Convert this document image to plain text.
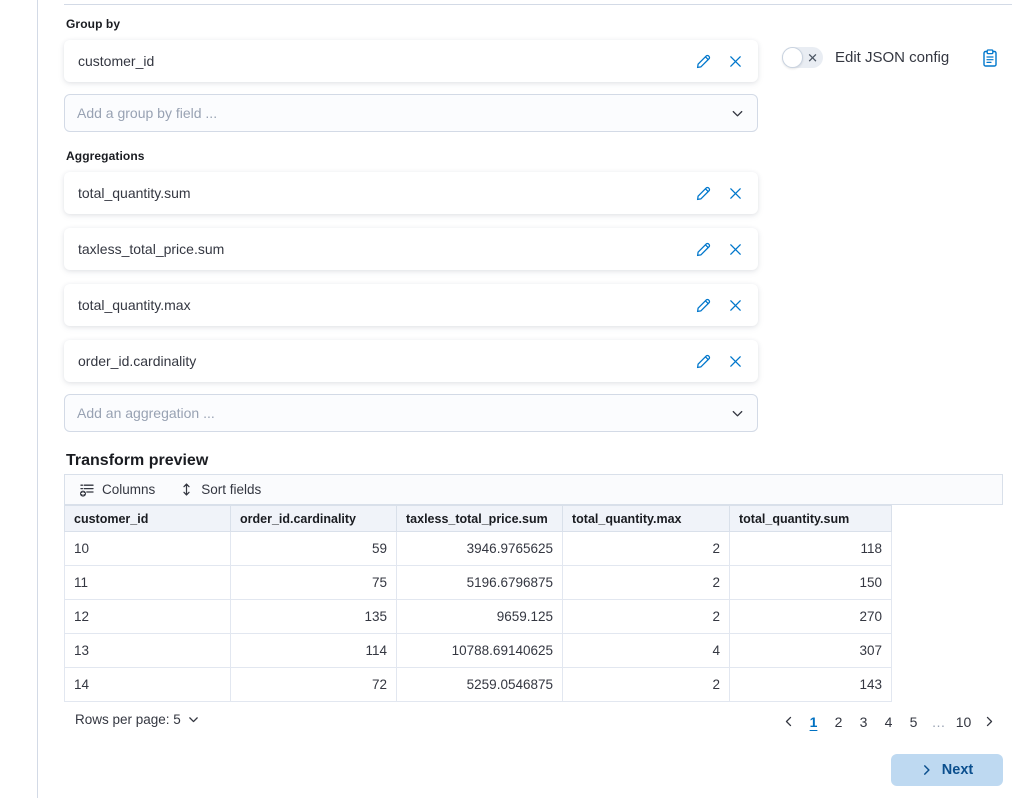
Group by
customer_id
Add a group by field ...	✕ Edit JSON config
Aggregations
total_quantity.sum
taxless_total_price.sum
total_quantity.max
order_id.cardinality
Add an aggregation ...
Transform preview
Columns	Sort fields
customer_id	order_id.cardinality	taxless_total_price.sum	total_quantity.max	total_quantity.sum
10	59	3946.9765625	2	118
11	75	5196.6796875	2	150
12	135	9659.125	2	270
13	114	10788.69140625	4	307
14	72	5259.0546875	2	143
Rows per page: 5	1	2	3	4	5	… 10
Next
